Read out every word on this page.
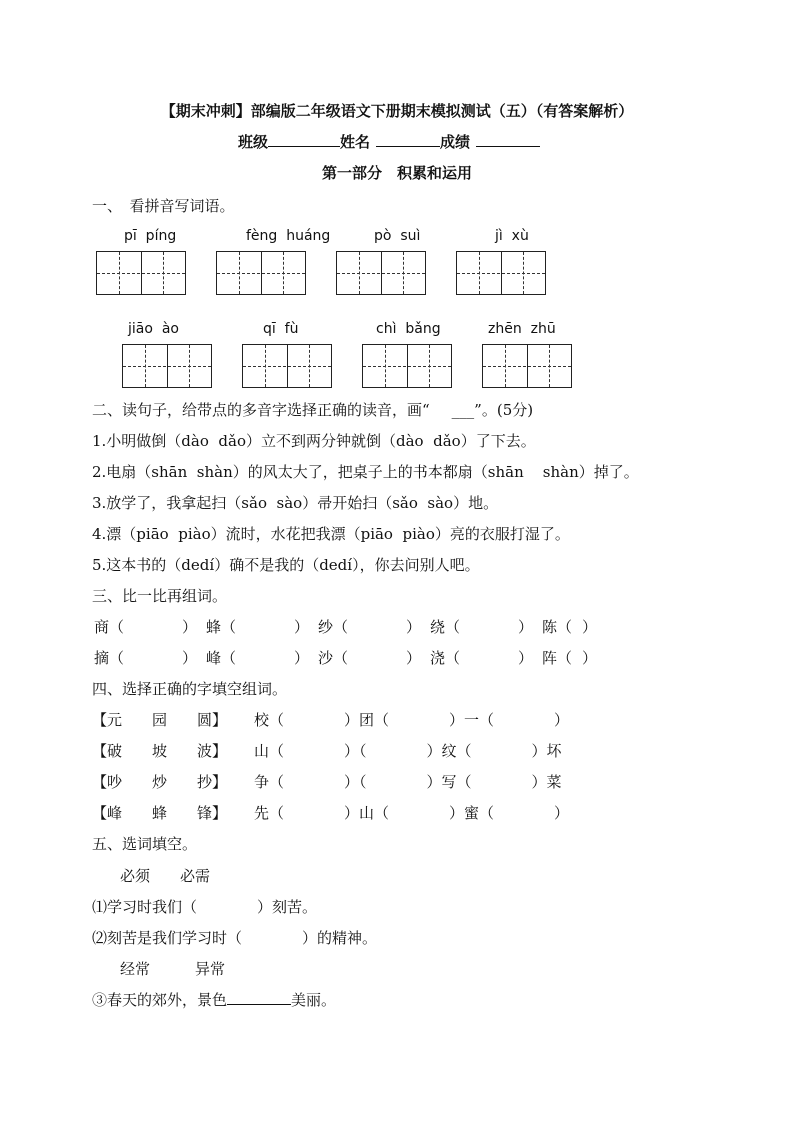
【期末冲刺】部编版二年级语文下册期末模拟测试（五）（有答案解析）
班级	姓名	成绩
第一部分　积累和运用
一、　看拼音写词语。
pī  píng	fèng  huáng	pò  suì	jì  xù
jiāo  ào	qī  fù	chì  bǎng	zhēn  zhū
二、读句子，给带点的多音字选择正确的读音，画“ ___”。(5分)
1.小明做倒（dào  dǎo）立不到两分钟就倒（dào  dǎo）了下去。
2.电扇（shān  shàn）的风太大了，把桌子上的书本都扇（shān    shàn）掉了。
3.放学了，我拿起扫（sǎo  sào）帚开始扫（sǎo  sào）地。
4.漂（piāo  piào）流时，水花把我漂（piāo  piào）亮的衣服打湿了。
5.这本书的（dedí）确不是我的（dedí），你去问别人吧。
三、比一比再组词。
商（	） 蜂（	） 纱（	） 绕（	） 陈（ ）
摘（	） 峰（	） 沙（	） 浇（	） 阵（ ）
四、选择正确的字填空组词。
【元　　园　　圆】 校（　　　　）团（　　　　）一（　　　　）
【破　　坡　　波】 山（　　　　）（　　　　）纹（　　　　）坏
【吵　　炒　　抄】 争（　　　　）（　　　　）写（　　　　）菜
【峰　　蜂　　锋】 先（　　　　）山（　　　　）蜜（　　　　）
五、选词填空。
必须　　必需
⑴学习时我们（　　　　）刻苦。
⑵刻苦是我们学习时（　　　　）的精神。
经常　　　异常
③春天的郊外，景色	美丽。
